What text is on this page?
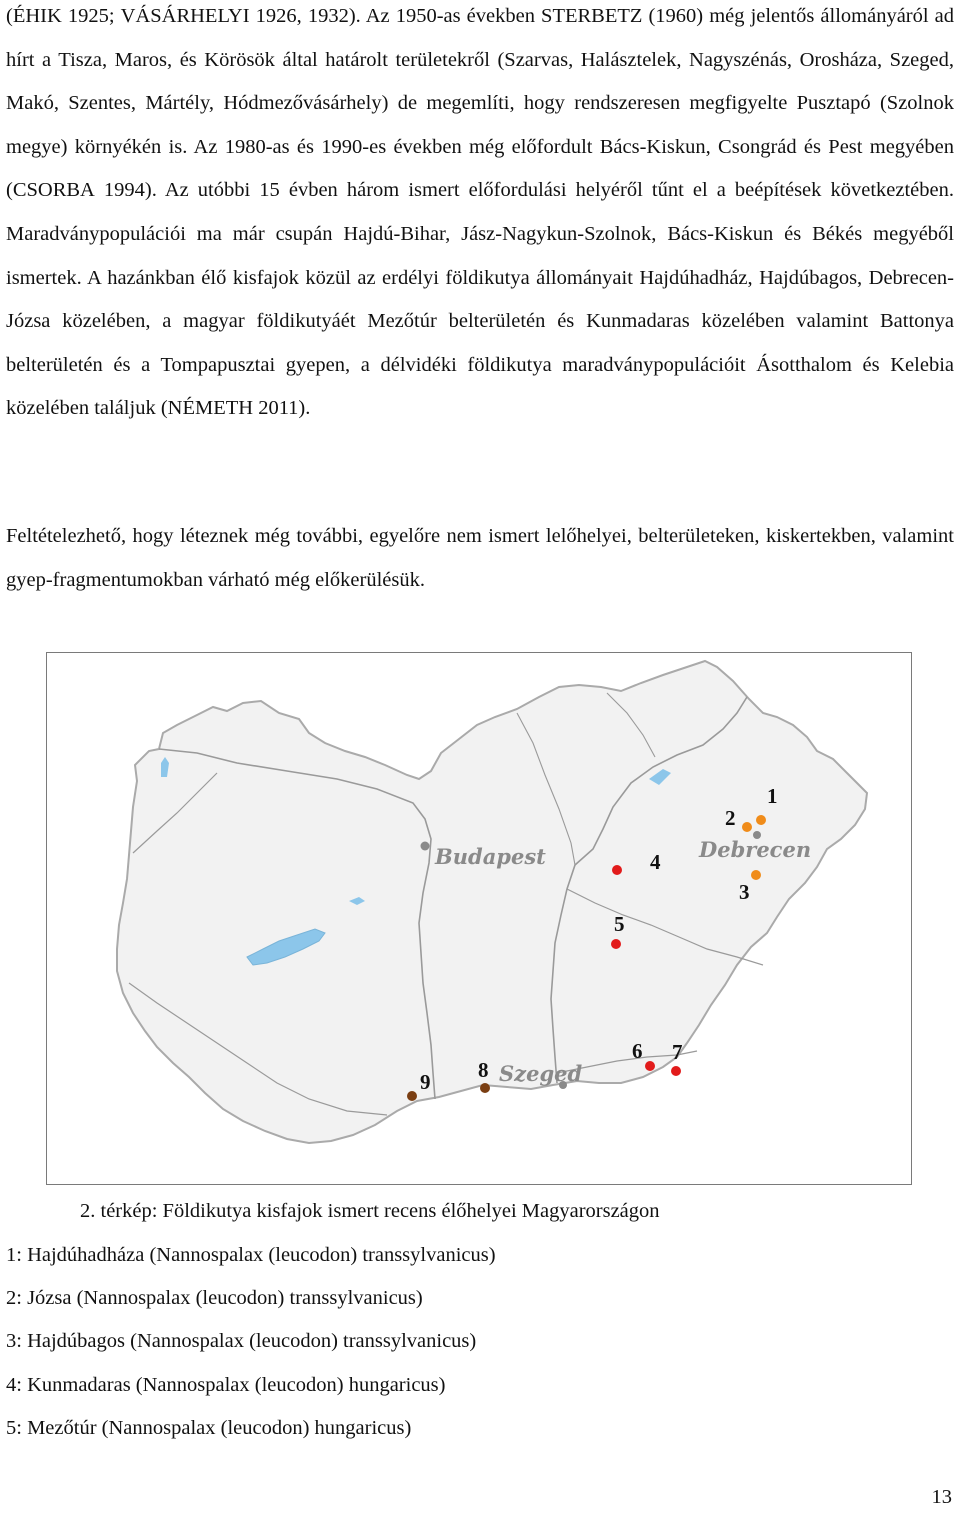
(ÉHIK 1925; VÁSÁRHELYI 1926, 1932). Az 1950-as években STERBETZ (1960) még jelentős állományáról ad hírt a Tisza, Maros, és Körösök által határolt területekről (Szarvas, Halásztelek, Nagyszénás, Orosháza, Szeged, Makó, Szentes, Mártély, Hódmezővásárhely) de megemlíti, hogy rendszeresen megfigyelte Pusztapó (Szolnok megye) környékén is. Az 1980-as és 1990-es években még előfordult Bács-Kiskun, Csongrád és Pest megyében (CSORBA 1994). Az utóbbi 15 évben három ismert előfordulási helyéről tűnt el a beépítések következtében. Maradványpopulációi ma már csupán Hajdú-Bihar, Jász-Nagykun-Szolnok, Bács-Kiskun és Békés megyéből ismertek. A hazánkban élő kisfajok közül az erdélyi földikutya állományait Hajdúhadház, Hajdúbagos, Debrecen-Józsa közelében, a magyar földikutyáét Mezőtúr belterületén és Kunmadaras közelében valamint Battonya belterületén és a Tompapusztai gyepen, a délvidéki földikutya maradványpopulációit Ásotthalom és Kelebia közelében találjuk (NÉMETH 2011).

Feltételezhető, hogy léteznek még további, egyelőre nem ismert lelőhelyei, belterületeken, kiskertekben, valamint gyep-fragmentumokban várható még előkerülésük.

Budapest	Debrecen
Szeged
1
2
3
4
5
6 7
8
9
2. térkép: Földikutya kisfajok ismert recens élőhelyei Magyarországon
1: Hajdúhadháza (Nannospalax (leucodon) transsylvanicus)
2: Józsa (Nannospalax (leucodon) transsylvanicus)
3: Hajdúbagos (Nannospalax (leucodon) transsylvanicus)
4: Kunmadaras (Nannospalax (leucodon) hungaricus)
5: Mezőtúr (Nannospalax (leucodon) hungaricus)
13
